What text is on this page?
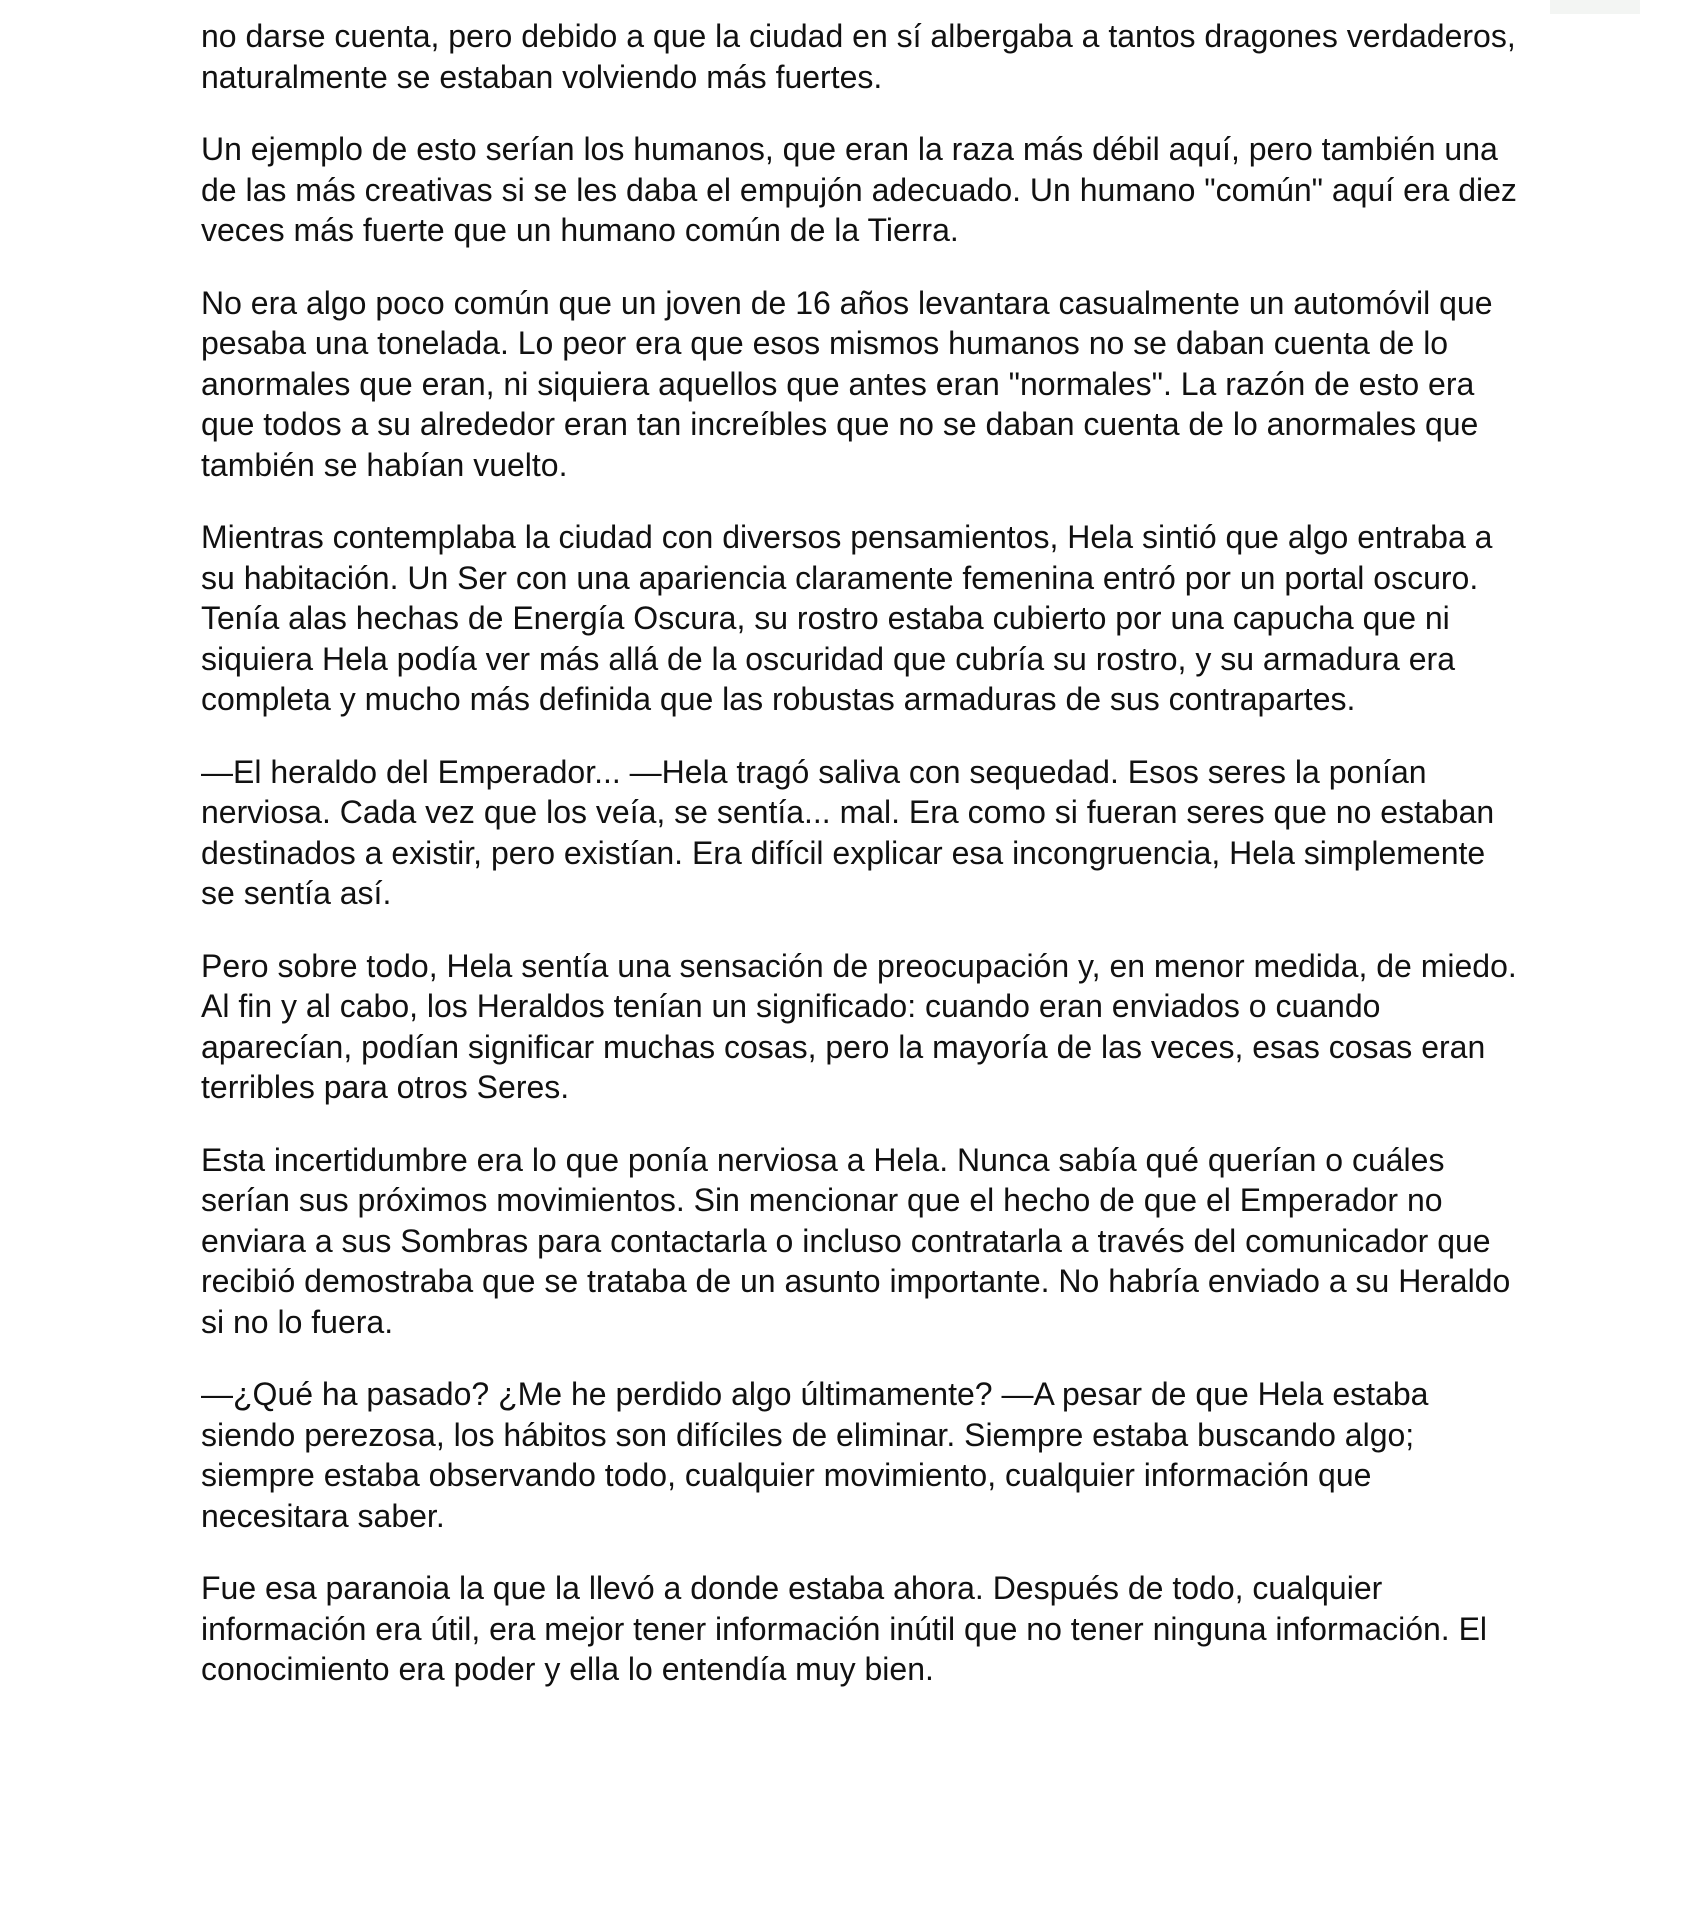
no darse cuenta, pero debido a que la ciudad en sí albergaba a tantos dragones verdaderos, naturalmente se estaban volviendo más fuertes.

Un ejemplo de esto serían los humanos, que eran la raza más débil aquí, pero también una de las más creativas si se les daba el empujón adecuado. Un humano "común" aquí era diez veces más fuerte que un humano común de la Tierra.

No era algo poco común que un joven de 16 años levantara casualmente un automóvil que pesaba una tonelada. Lo peor era que esos mismos humanos no se daban cuenta de lo anormales que eran, ni siquiera aquellos que antes eran "normales". La razón de esto era que todos a su alrededor eran tan increíbles que no se daban cuenta de lo anormales que también se habían vuelto.

Mientras contemplaba la ciudad con diversos pensamientos, Hela sintió que algo entraba a su habitación. Un Ser con una apariencia claramente femenina entró por un portal oscuro. Tenía alas hechas de Energía Oscura, su rostro estaba cubierto por una capucha que ni siquiera Hela podía ver más allá de la oscuridad que cubría su rostro, y su armadura era completa y mucho más definida que las robustas armaduras de sus contrapartes.

—El heraldo del Emperador... —Hela tragó saliva con sequedad. Esos seres la ponían nerviosa. Cada vez que los veía, se sentía... mal. Era como si fueran seres que no estaban destinados a existir, pero existían. Era difícil explicar esa incongruencia, Hela simplemente se sentía así.

Pero sobre todo, Hela sentía una sensación de preocupación y, en menor medida, de miedo. Al fin y al cabo, los Heraldos tenían un significado: cuando eran enviados o cuando aparecían, podían significar muchas cosas, pero la mayoría de las veces, esas cosas eran terribles para otros Seres.

Esta incertidumbre era lo que ponía nerviosa a Hela. Nunca sabía qué querían o cuáles serían sus próximos movimientos. Sin mencionar que el hecho de que el Emperador no enviara a sus Sombras para contactarla o incluso contratarla a través del comunicador que recibió demostraba que se trataba de un asunto importante. No habría enviado a su Heraldo si no lo fuera.

—¿Qué ha pasado? ¿Me he perdido algo últimamente? —A pesar de que Hela estaba siendo perezosa, los hábitos son difíciles de eliminar. Siempre estaba buscando algo; siempre estaba observando todo, cualquier movimiento, cualquier información que necesitara saber.

Fue esa paranoia la que la llevó a donde estaba ahora. Después de todo, cualquier información era útil, era mejor tener información inútil que no tener ninguna información. El conocimiento era poder y ella lo entendía muy bien.
